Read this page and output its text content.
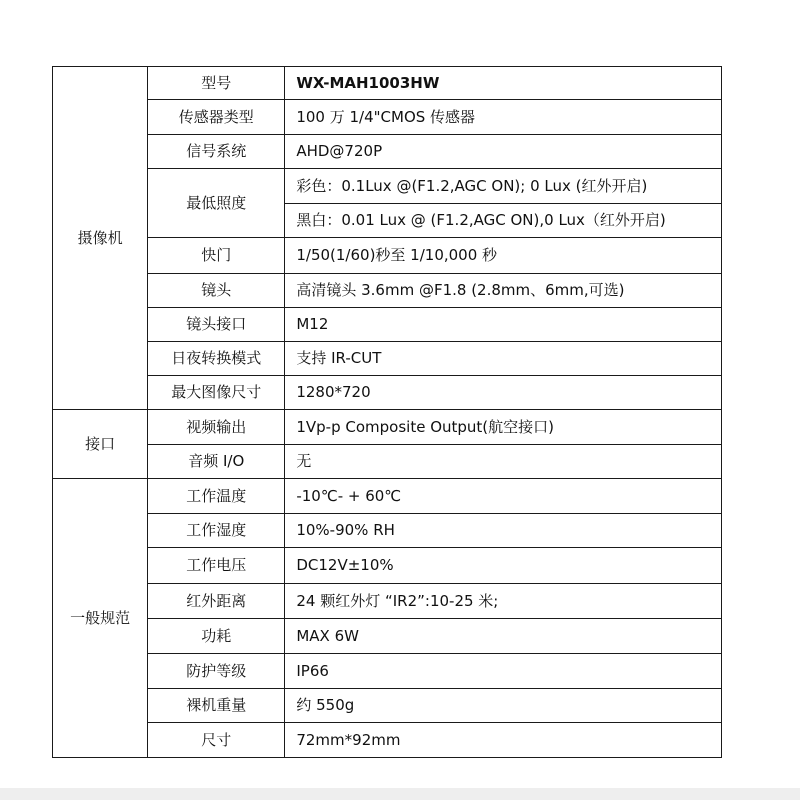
摄像机	型号	WX-MAH1003HW
	传感器类型	100 万 1/4"CMOS 传感器
	信号系统	AHD@720P
	最低照度	彩色：0.1Lux @(F1.2,AGC ON); 0 Lux (红外开启)
		黑白：0.01 Lux @ (F1.2,AGC ON),0 Lux（红外开启)
	快门	1/50(1/60)秒至 1/10,000 秒
	镜头	高清镜头 3.6mm @F1.8 (2.8mm、6mm,可选)
	镜头接口	M12
	日夜转换模式	支持 IR-CUT
	最大图像尺寸	1280*720
接口	视频输出	1Vp-p Composite Output(航空接口)
	音频 I/O	无
一般规范	工作温度	-10℃- + 60℃
	工作湿度	10%-90% RH
	工作电压	DC12V±10%
	红外距离	24 颗红外灯 “IR2”:10-25 米;
	功耗	MAX 6W
	防护等级	IP66
	裸机重量	约 550g
	尺寸	72mm*92mm
